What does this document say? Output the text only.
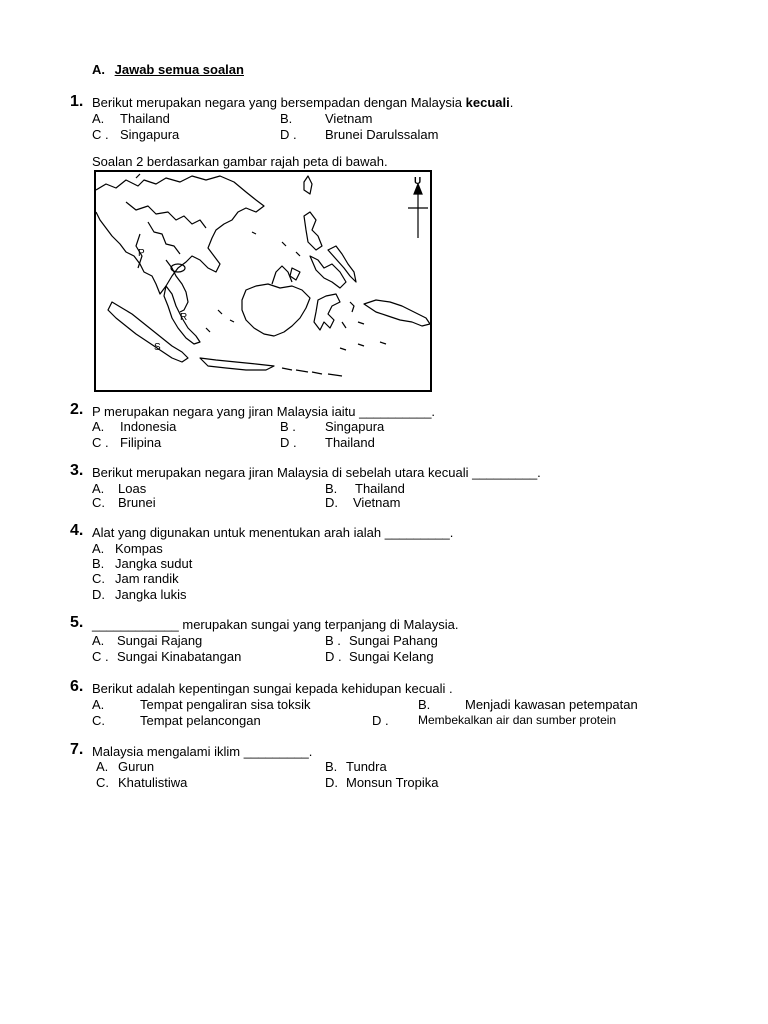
A. Jawab semua soalan
1. Berikut merupakan negara yang bersempadan dengan Malaysia kecuali.
A. Thailand	B.	Vietnam
C . Singapura	D . Brunei Darulssalam
Soalan 2 berdasarkan gambar rajah peta di bawah.
U
P
R
S
2. P merupakan negara yang jiran Malaysia iaitu __________.
A. Indonesia	B . Singapura
C . Filipina	D . Thailand
3. Berikut merupakan negara jiran Malaysia di sebelah utara kecuali _________.
A. Loas	B. Thailand
C. Brunei	D. Vietnam
4. Alat yang digunakan untuk menentukan arah ialah _________.
A. Kompas
B. Jangka sudut
C. Jam randik
D. Jangka lukis
5. ____________ merupakan sungai yang terpanjang di Malaysia.
A. Sungai Rajang	B . Sungai Pahang
C . Sungai Kinabatangan	D . Sungai Kelang
6. Berikut adalah kepentingan sungai kepada kehidupan kecuali .
A.	Tempat pengaliran sisa toksik	B.	Menjadi kawasan petempatan
C.	Tempat pelancongan	D . Membekalkan air dan sumber protein
7. Malaysia mengalami iklim _________.
A. Gurun	B. Tundra
C. Khatulistiwa	D. Monsun Tropika
